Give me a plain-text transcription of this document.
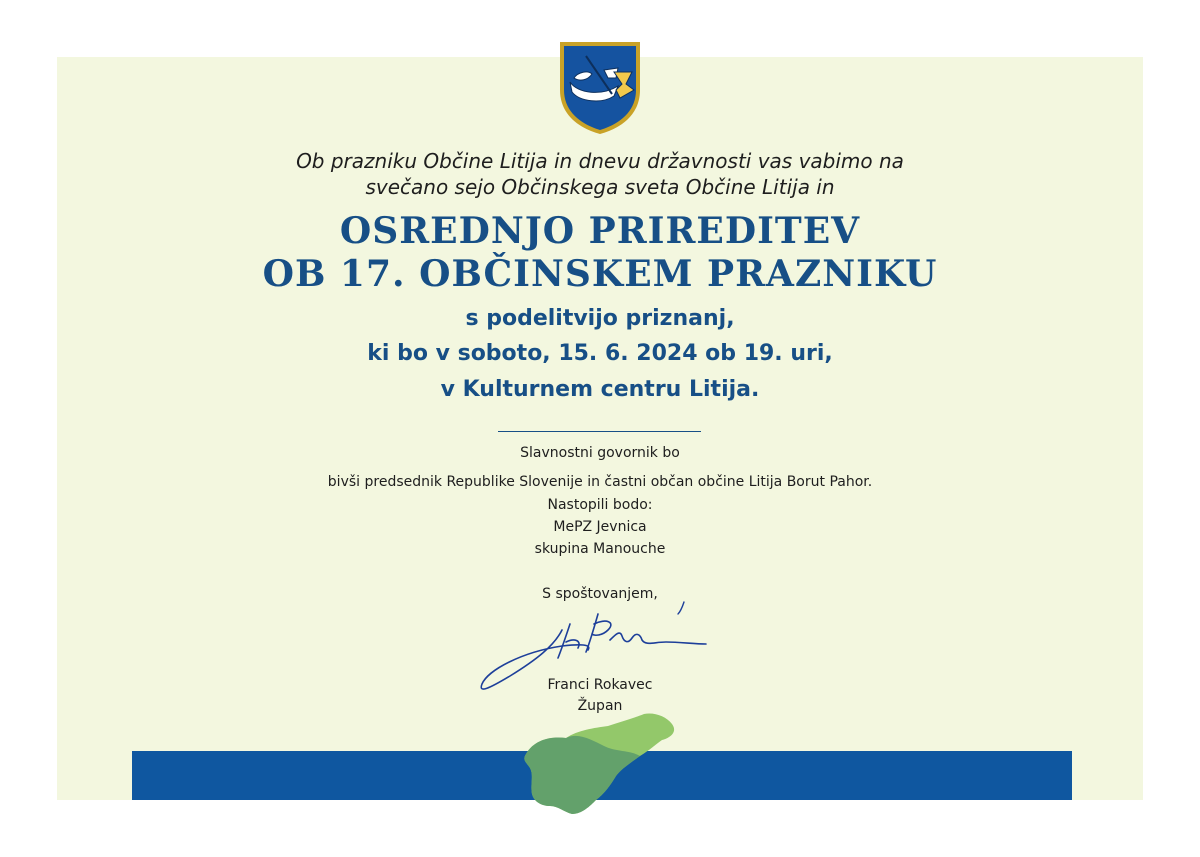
Ob prazniku Občine Litija in dnevu državnosti vas vabimo na
svečano sejo Občinskega sveta Občine Litija in
OSREDNJO PRIREDITEV
OB 17. OBČINSKEM PRAZNIKU
s podelitvijo priznanj,
ki bo v soboto, 15. 6. 2024 ob 19. uri,
v Kulturnem centru Litija.
Slavnostni govornik bo
bivši predsednik Republike Slovenije in častni občan občine Litija Borut Pahor.
Nastopili bodo:
MePZ Jevnica
skupina Manouche
S spoštovanjem,
Franci Rokavec
Župan
